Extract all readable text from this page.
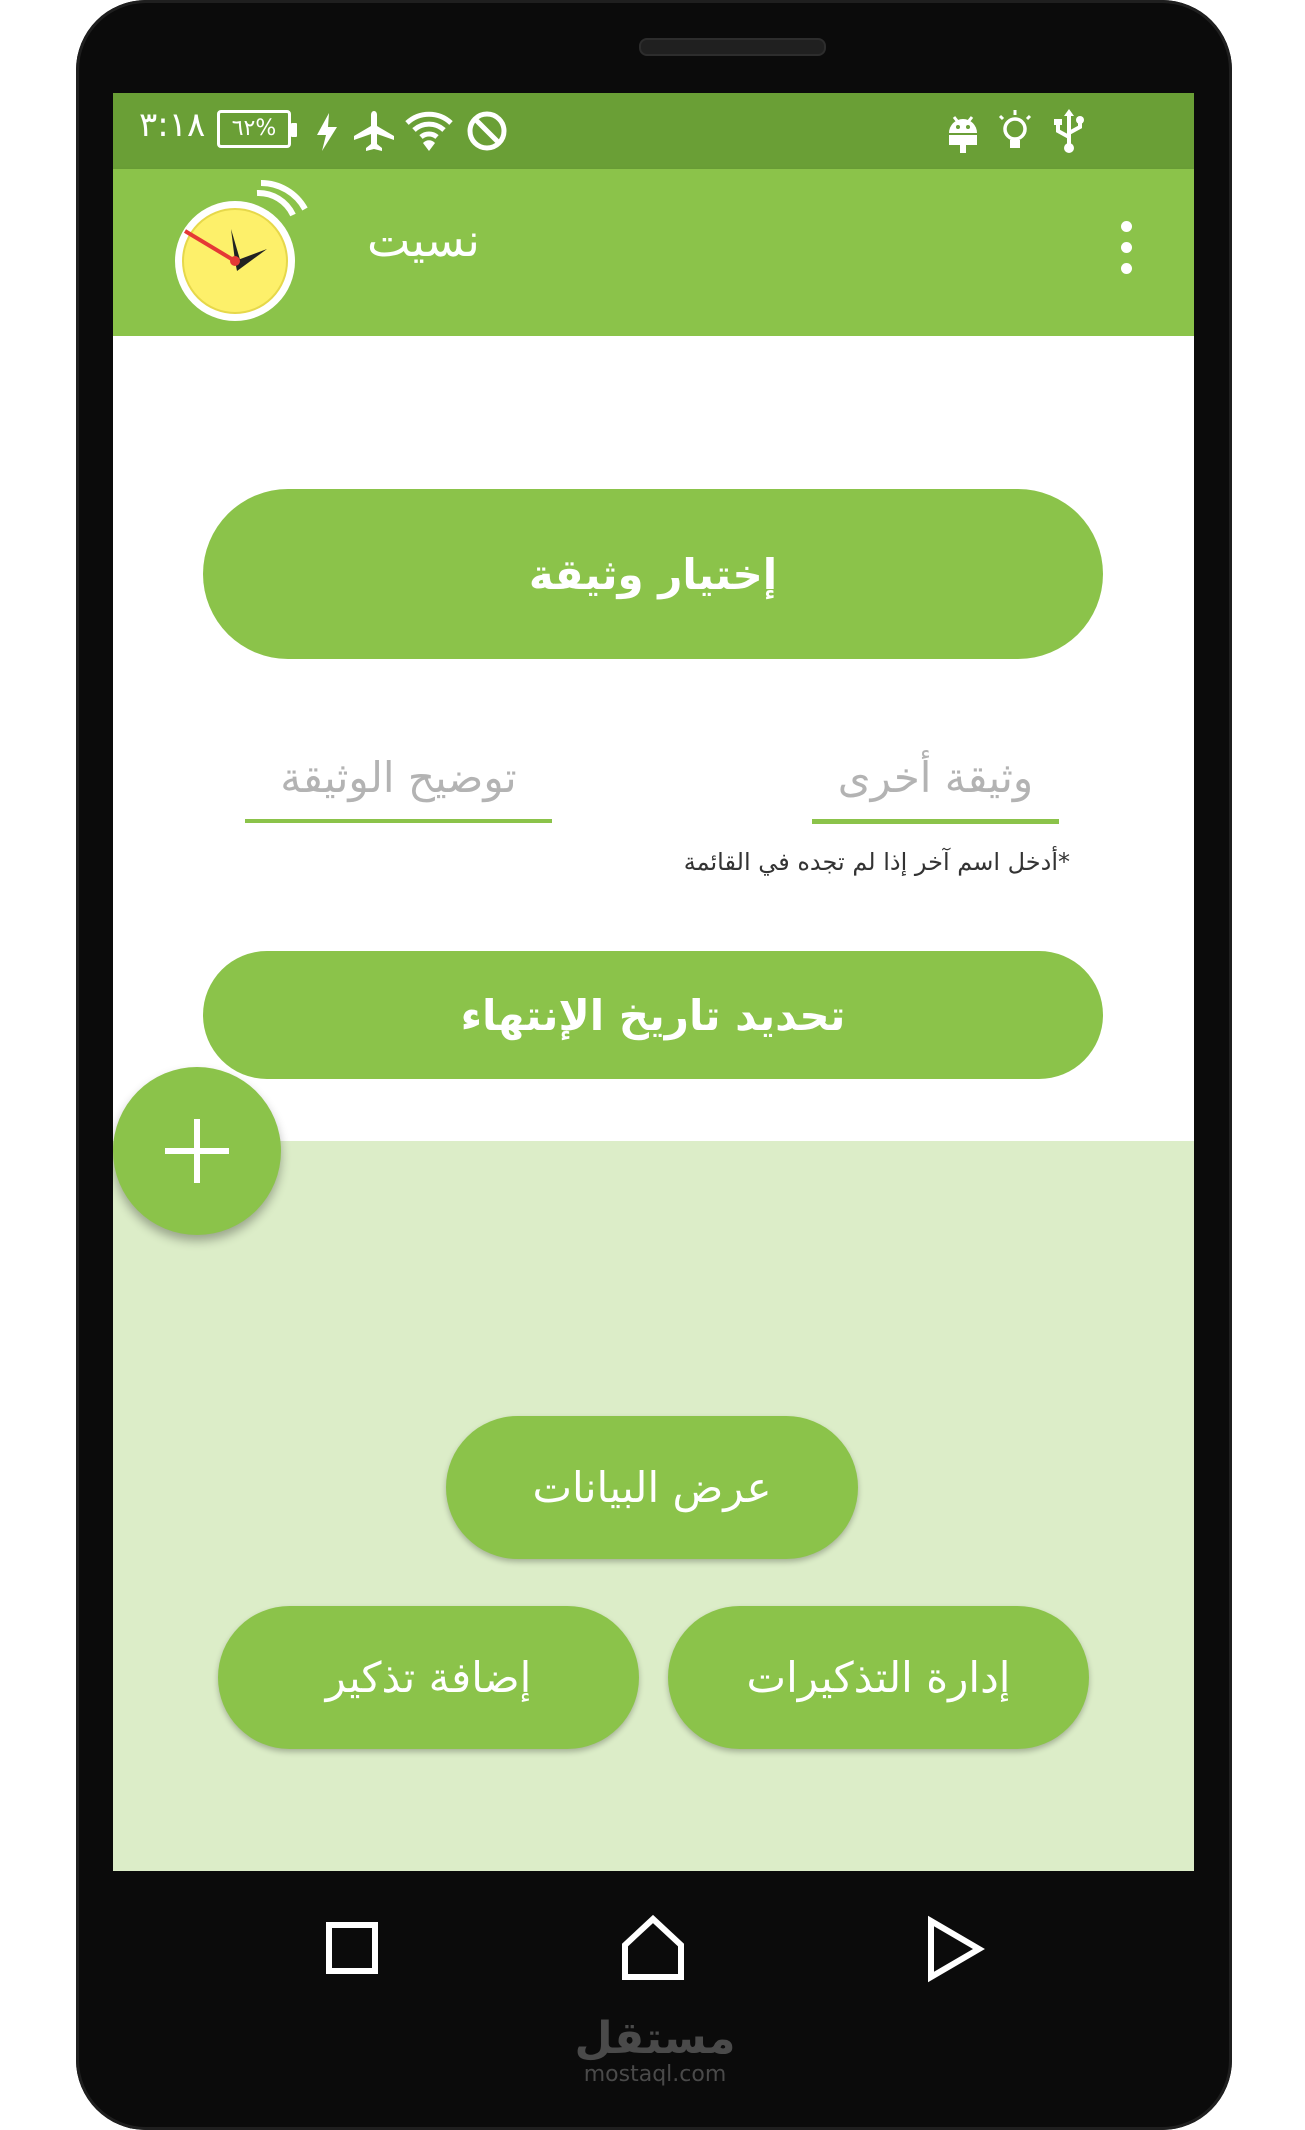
٣:١٨	%٦٢
نسيت
إختيار وثيقة
توضيح الوثيقة	وثيقة أخرى
*أدخل اسم آخر إذا لم تجده في القائمة
تحديد تاريخ الإنتهاء
عرض البيانات
إضافة تذكير	إدارة التذكيرات
مستقل
mostaql.com
